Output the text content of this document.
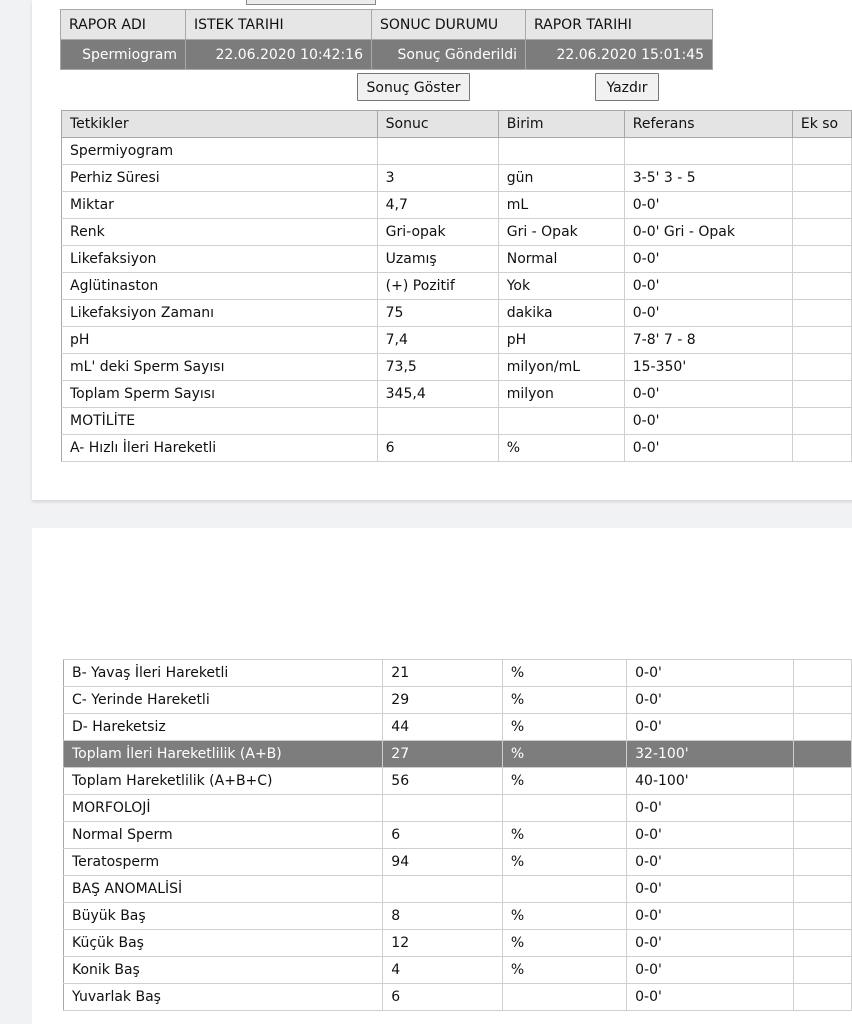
RAPOR ADI	ISTEK TARIHI	SONUC DURUMU	RAPOR TARIHI
Spermiogram	22.06.2020 10:42:16	Sonuç Gönderildi	22.06.2020 15:01:45
Sonuç Göster	Yazdır
Tetkikler	Sonuc	Birim	Referans	Ek so
Spermiyogram				
Perhiz Süresi	3	gün	3-5' 3 - 5	
Miktar	4,7	mL	0-0'	
Renk	Gri-opak	Gri - Opak	0-0' Gri - Opak	
Likefaksiyon	Uzamış	Normal	0-0'	
Aglütinaston	(+) Pozitif	Yok	0-0'	
Likefaksiyon Zamanı	75	dakika	0-0'	
pH	7,4	pH	7-8' 7 - 8	
mL' deki Sperm Sayısı	73,5	milyon/mL	15-350'	
Toplam Sperm Sayısı	345,4	milyon	0-0'	
MOTİLİTE			0-0'	
A- Hızlı İleri Hareketli	6	%	0-0'	
B- Yavaş İleri Hareketli	21	%	0-0'	
C- Yerinde Hareketli	29	%	0-0'	
D- Hareketsiz	44	%	0-0'	
Toplam İleri Hareketlilik (A+B)	27	%	32-100'	
Toplam Hareketlilik (A+B+C)	56	%	40-100'	
MORFOLOJİ			0-0'	
Normal Sperm	6	%	0-0'	
Teratosperm	94	%	0-0'	
BAŞ ANOMALİSİ			0-0'	
Büyük Baş	8	%	0-0'	
Küçük Baş	12	%	0-0'	
Konik Baş	4	%	0-0'	
Yuvarlak Baş	6		0-0'	
